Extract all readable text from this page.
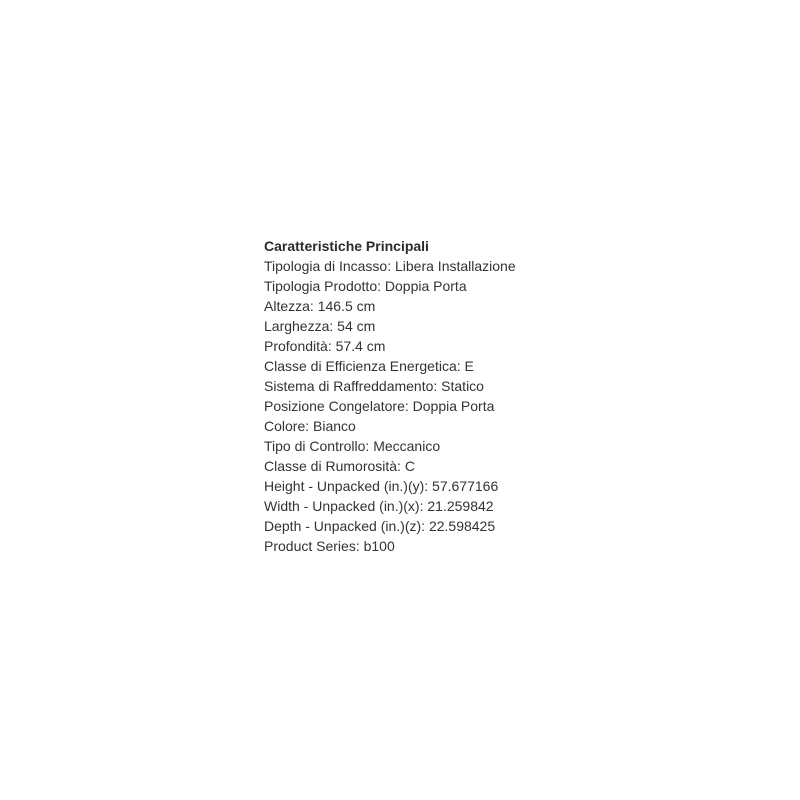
Caratteristiche Principali
Tipologia di Incasso: Libera Installazione
Tipologia Prodotto: Doppia Porta
Altezza: 146.5 cm
Larghezza: 54 cm
Profondità: 57.4 cm
Classe di Efficienza Energetica: E
Sistema di Raffreddamento: Statico
Posizione Congelatore: Doppia Porta
Colore: Bianco
Tipo di Controllo: Meccanico
Classe di Rumorosità: C
Height - Unpacked (in.)(y): 57.677166
Width - Unpacked (in.)(x): 21.259842
Depth - Unpacked (in.)(z): 22.598425
Product Series: b100
